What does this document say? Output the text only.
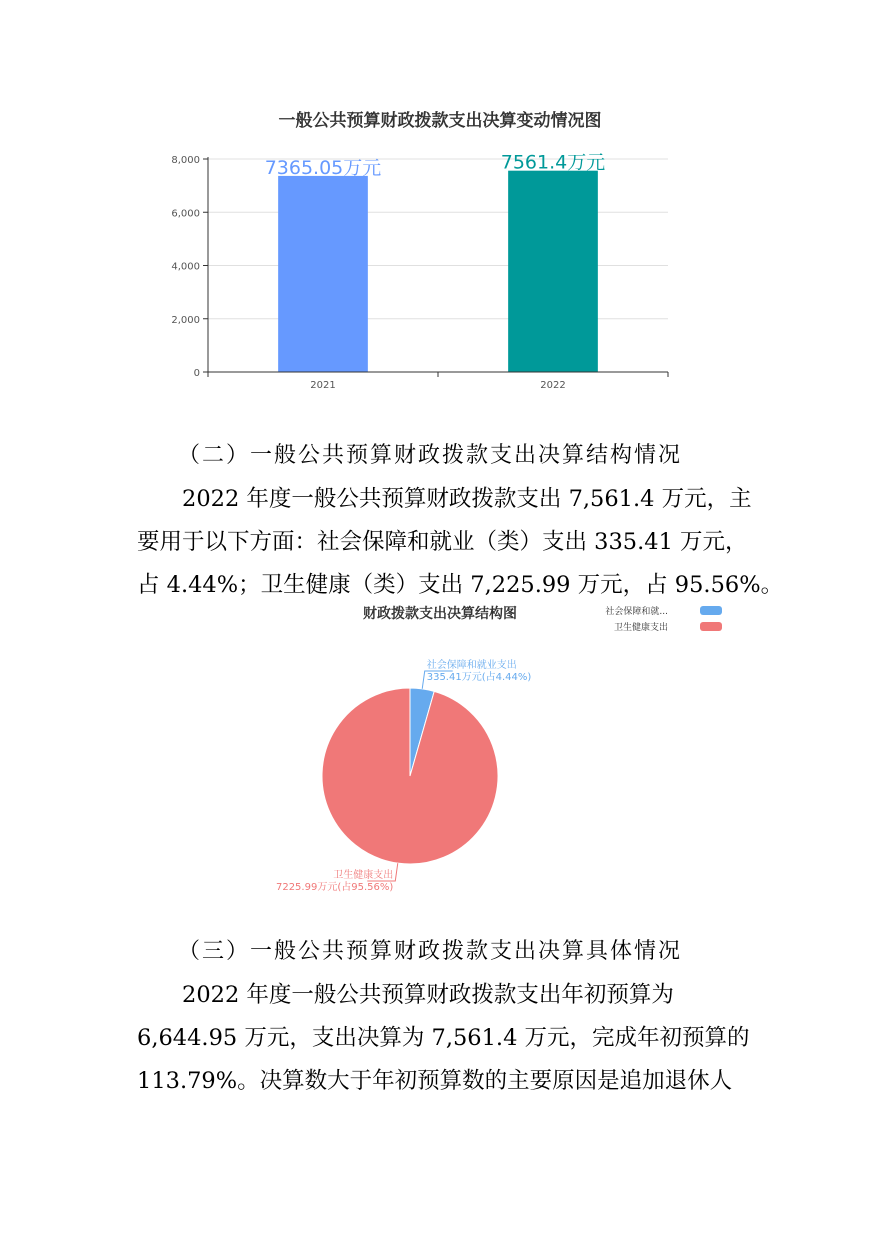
一般公共预算财政拨款支出决算变动情况图
0
2,000
4,000
6,000
8,000
2021	2022
7365.05万元	7561.4万元
（二）一般公共预算财政拨款支出决算结构情况

2022 年度一般公共预算财政拨款支出 7,561.4 万元，主

要用于以下方面：社会保障和就业（类）支出 335.41 万元，

占 4.44%；卫生健康（类）支出 7,225.99 万元，占 95.56%。

财政拨款支出决算结构图	社会保障和就...
卫生健康支出
社会保障和就业支出
335.41万元(占4.44%)
卫生健康支出
7225.99万元(占95.56%)
（三）一般公共预算财政拨款支出决算具体情况

2022 年度一般公共预算财政拨款支出年初预算为

6,644.95 万元，支出决算为 7,561.4 万元，完成年初预算的

113.79%。决算数大于年初预算数的主要原因是追加退休人
